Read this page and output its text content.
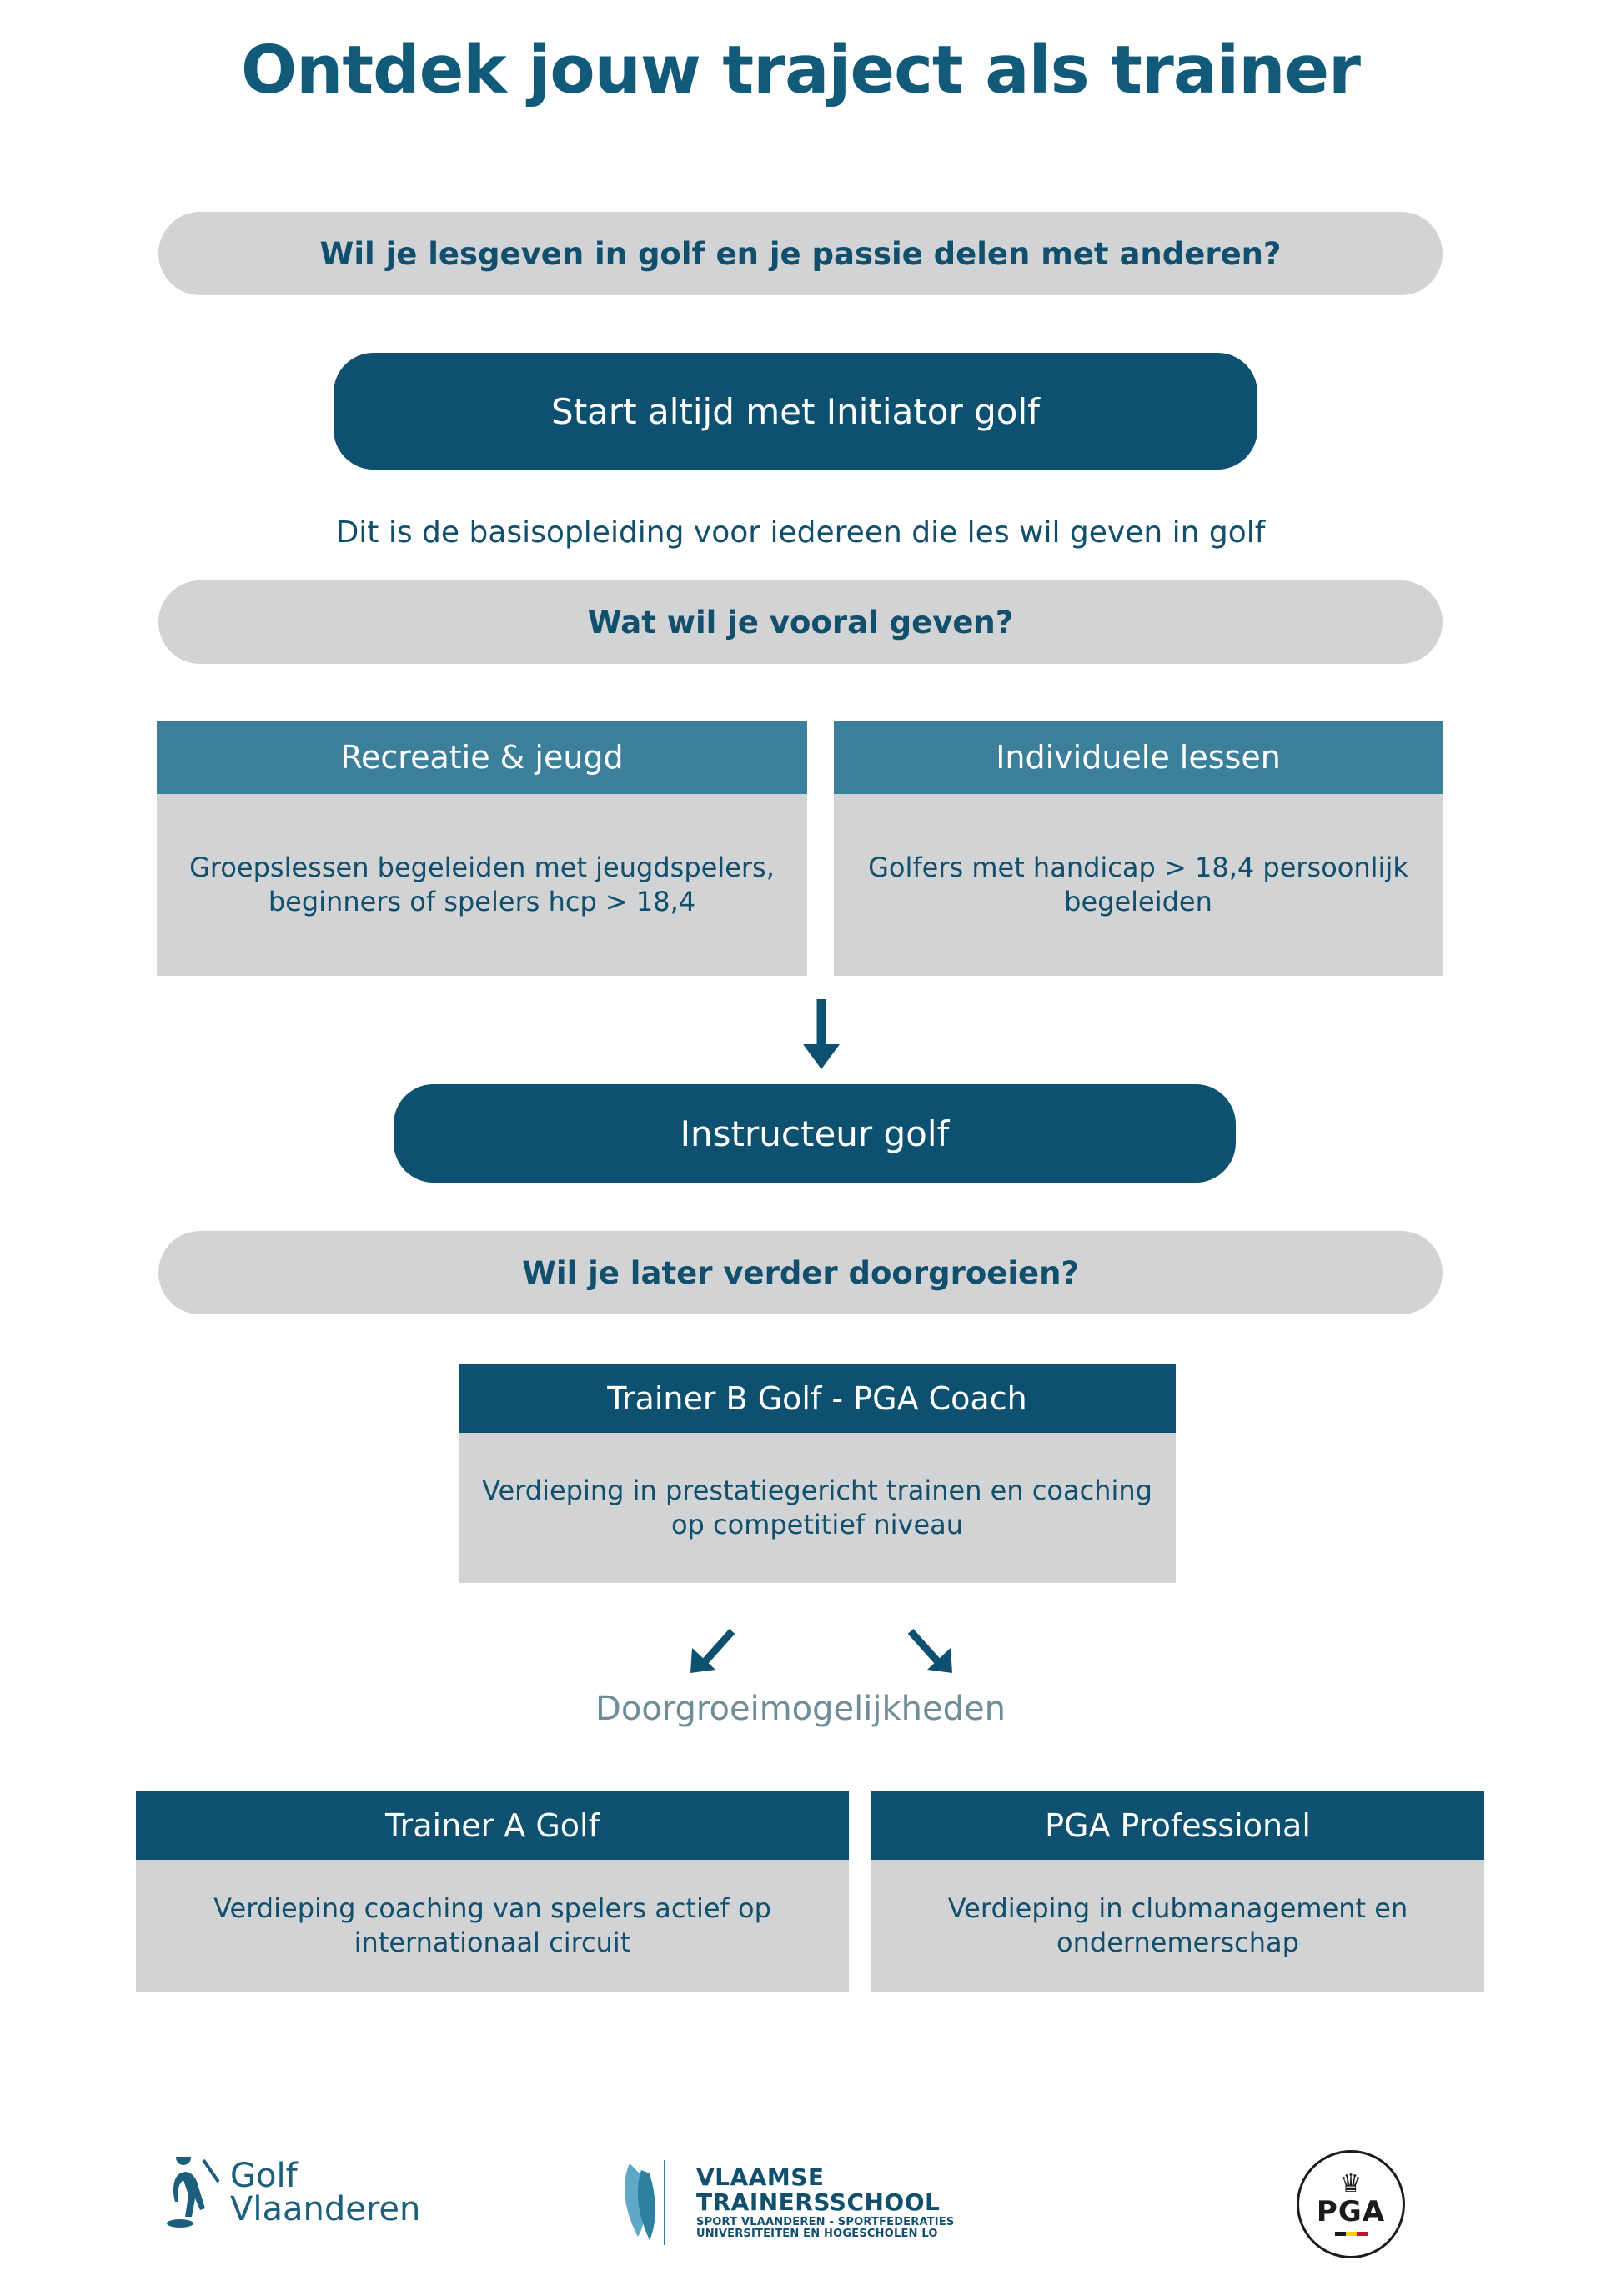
Ontdek jouw traject als trainer
Wil je lesgeven in golf en je passie delen met anderen?
Start altijd met Initiator golf
Dit is de basisopleiding voor iedereen die les wil geven in golf
Wat wil je vooral geven?
Recreatie & jeugd
Groepslessen begeleiden met jeugdspelers, beginners of spelers hcp > 18,4
Individuele lessen
Golfers met handicap > 18,4 persoonlijk begeleiden
Instructeur golf
Wil je later verder doorgroeien?
Trainer B Golf - PGA Coach
Verdieping in prestatiegericht trainen en coaching op competitief niveau
Doorgroeimogelijkheden
Trainer A Golf
Verdieping coaching van spelers actief op internationaal circuit
PGA Professional
Verdieping in clubmanagement en ondernemerschap
Golf
Vlaanderen
VLAAMSE
TRAINERSSCHOOL
SPORT VLAANDEREN - SPORTFEDERATIES
UNIVERSITEITEN EN HOGESCHOLEN LO
♛
PGA
